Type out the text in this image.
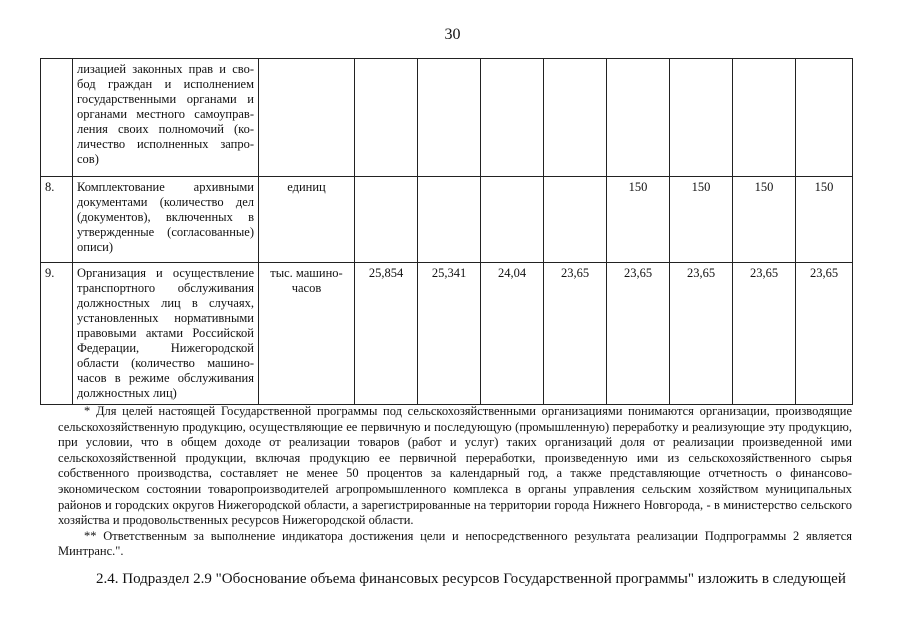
30
	лизацией законных прав и сво-бод граждан и исполнением государственными органами и органами местного самоуправ-ления своих полномочий (ко-личество исполненных запро-сов)									
8.	Комплектование архивными документами (количество дел (документов), включенных в утвержденные (согласованные) описи)	единиц					150	150	150	150
9.	Организация и осуществление транспортного обслуживания должностных лиц в случаях, установленных нормативными правовыми актами Российской Федерации, Нижегородской области (количество машино-часов в режиме обслуживания должностных лиц)	тыс. машино-часов	25,854	25,341	24,04	23,65	23,65	23,65	23,65	23,65

* Для целей настоящей Государственной программы под сельскохозяйственными организациями понимаются организации, производящие сельскохозяйственную продукцию, осуществляющие ее первичную и последующую (промышленную) переработку и реализующие эту продукцию, при условии, что в общем доходе от реализации товаров (работ и услуг) таких организаций доля от реализации произведенной ими сельскохозяйственной продукции, включая продукцию ее первичной переработки, произведенную ими из сельскохозяйственного сырья собственного производства, составляет не менее 50 процентов за календарный год, а также представляющие отчетность о финансово-экономическом состоянии товаропроизводителей агропромышленного комплекса в органы управления сельским хозяйством муниципальных районов и городских округов Нижегородской области, а зарегистрированные на территории города Нижнего Новгорода, - в министерство сельского хозяйства и продовольственных ресурсов Нижегородской области.

** Ответственным за выполнение индикатора достижения цели и непосредственного результата реализации Подпрограммы 2 является Минтранс.".

2.4. Подраздел 2.9 "Обоснование объема финансовых ресурсов Государственной программы" изложить в следующей
